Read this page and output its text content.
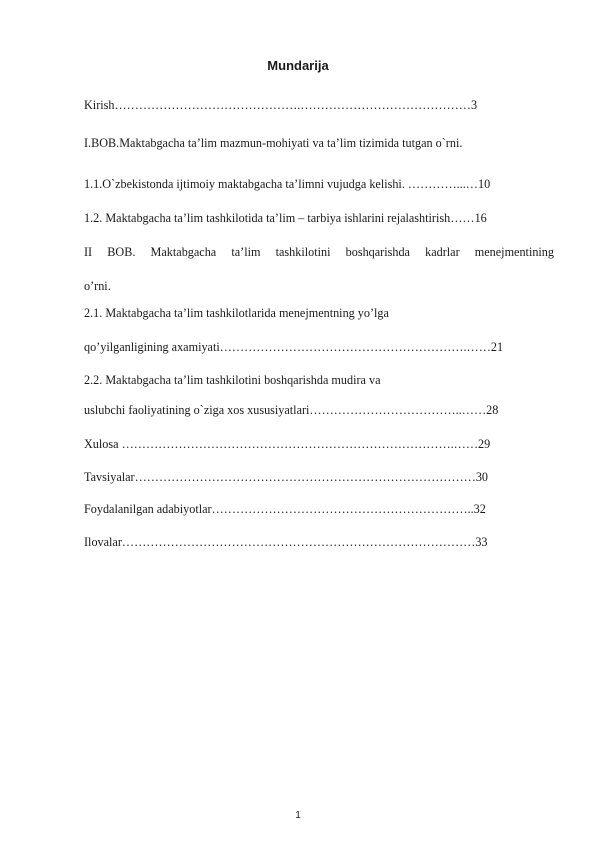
Mundarija
Kirish……………………………………….……………………………………3
I.BOB.Maktabgacha ta’lim mazmun-mohiyati va ta’lim tizimida tutgan o`rni.
1.1.O`zbekistonda ijtimoiy maktabgacha ta’limni vujudga kelishi. …………...…10
1.2. Maktabgacha ta’lim tashkilotida ta’lim – tarbiya ishlarini rejalashtirish……16
II BOB. Maktabgacha ta’lim tashkilotini boshqarishda kadrlar menejmentining
o’rni.
2.1. Maktabgacha ta’lim tashkilotlarida menejmentning yo’lga
qo’yilganligining axamiyati…………………………………………………….……21
2.2. Maktabgacha ta’lim tashkilotini boshqarishda mudira va
uslubchi faoliyatining o`ziga xos xususiyatlari………………………………..……28
Xulosa ……………………………………………………………………….……29
Tavsiyalar…………………………………………………………………………30
Foydalanilgan adabiyotlar………………………………………………………..32
Ilovalar……………………………………………………………………………33
1
